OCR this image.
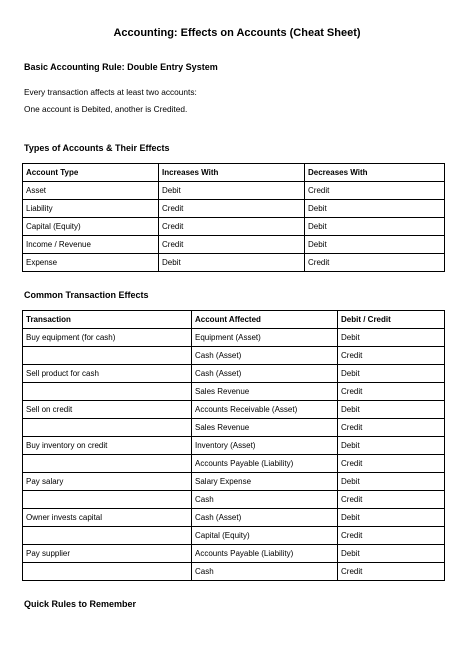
Accounting: Effects on Accounts (Cheat Sheet)
Basic Accounting Rule: Double Entry System

Every transaction affects at least two accounts:

One account is Debited, another is Credited.

Types of Accounts & Their Effects
Account Type	Increases With	Decreases With
Asset	Debit	Credit
Liability	Credit	Debit
Capital (Equity)	Credit	Debit
Income / Revenue	Credit	Debit
Expense	Debit	Credit
Common Transaction Effects
Transaction	Account Affected	Debit / Credit
Buy equipment (for cash)	Equipment (Asset)	Debit
	Cash (Asset)	Credit
Sell product for cash	Cash (Asset)	Debit
	Sales Revenue	Credit
Sell on credit	Accounts Receivable (Asset)	Debit
	Sales Revenue	Credit
Buy inventory on credit	Inventory (Asset)	Debit
	Accounts Payable (Liability)	Credit
Pay salary	Salary Expense	Debit
	Cash	Credit
Owner invests capital	Cash (Asset)	Debit
	Capital (Equity)	Credit
Pay supplier	Accounts Payable (Liability)	Debit
	Cash	Credit
Quick Rules to Remember
